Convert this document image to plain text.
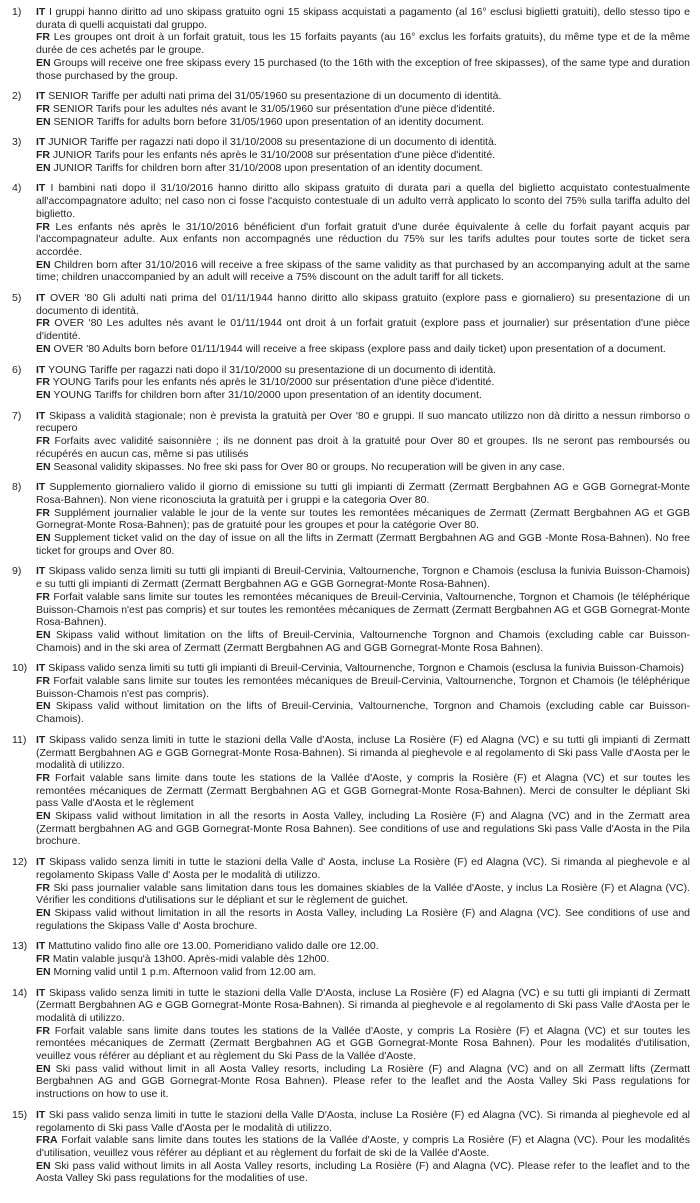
1)	IT I gruppi hanno diritto ad uno skipass gratuito ogni 15 skipass acquistati a pagamento (al 16° esclusi biglietti gratuiti), dello stesso tipo e durata di quelli acquistati dal gruppo.

FR Les groupes ont droit à un forfait gratuit, tous les 15 forfaits payants (au 16° exclus les forfaits gratuits), du même type et de la même durée de ces achetés par le groupe.

EN Groups will receive one free skipass every 15 purchased (to the 16th with the exception of free skipasses), of the same type and duration those purchased by the group.

2)	IT SENIOR Tariffe per adulti nati prima del 31/05/1960 su presentazione di un documento di identità.

FR SENIOR Tarifs pour les adultes nés avant le 31/05/1960 sur présentation d'une pièce d'identité.

EN SENIOR Tariffs for adults born before 31/05/1960 upon presentation of an identity document.

3)	IT JUNIOR Tariffe per ragazzi nati dopo il 31/10/2008 su presentazione di un documento di identità.

FR JUNIOR Tarifs pour les enfants nés après le 31/10/2008 sur présentation d'une pièce d'identité.

EN JUNIOR Tariffs for children born after 31/10/2008 upon presentation of an identity document.

4)	IT I bambini nati dopo il 31/10/2016 hanno diritto allo skipass gratuito di durata pari a quella del biglietto acquistato contestualmente all'accompagnatore adulto; nel caso non ci fosse l'acquisto contestuale di un adulto verrà applicato lo sconto del 75% sulla tariffa adulto del biglietto.

FR Les enfants nés après le 31/10/2016 bénéficient d'un forfait gratuit d'une durée équivalente à celle du forfait payant acquis par l'accompagnateur adulte. Aux enfants non accompagnés une réduction du 75% sur les tarifs adultes pour toutes sorte de ticket sera accordée.

EN Children born after 31/10/2016 will receive a free skipass of the same validity as that purchased by an accompanying adult at the same time; children unaccompanied by an adult will receive a 75% discount on the adult tariff for all tickets.

5)	IT OVER '80 Gli adulti nati prima del 01/11/1944 hanno diritto allo skipass gratuito (explore pass e giornaliero) su presentazione di un documento di identità.

FR OVER '80 Les adultes nés avant le 01/11/1944 ont droit à un forfait gratuit (explore pass et journalier) sur présentation d'une pièce d'identité.

EN OVER '80 Adults born before 01/11/1944 will receive a free skipass (explore pass and daily ticket) upon presentation of a document.

6)	IT YOUNG Tariffe per ragazzi nati dopo il 31/10/2000 su presentazione di un documento di identità.

FR YOUNG Tarifs pour les enfants nés après le 31/10/2000 sur présentation d'une pièce d'identité.

EN YOUNG Tariffs for children born after 31/10/2000 upon presentation of an identity document.

7)	IT Skipass a validità stagionale; non è prevista la gratuità per Over '80 e gruppi. Il suo mancato utilizzo non dà diritto a nessun rimborso o recupero

FR Forfaits avec validité saisonnière ; ils ne donnent pas droit à la gratuité pour Over 80 et groupes. Ils ne seront pas remboursés ou récupérés en aucun cas, même si pas utilisés

EN Seasonal validity skipasses. No free ski pass for Over 80 or groups. No recuperation will be given in any case.

8)	IT Supplemento giornaliero valido il giorno di emissione su tutti gli impianti di Zermatt (Zermatt Bergbahnen AG e GGB Gornegrat-Monte Rosa-Bahnen). Non viene riconosciuta la gratuità per i gruppi e la categoria Over 80.

FR Supplément journalier valable le jour de la vente sur toutes les remontées mécaniques de Zermatt (Zermatt Bergbahnen AG et GGB Gornegrat-Monte Rosa-Bahnen); pas de gratuité pour les groupes et pour la catégorie Over 80.

EN Supplement ticket valid on the day of issue on all the lifts in Zermatt (Zermatt Bergbahnen AG and GGB -Monte Rosa-Bahnen). No free ticket for groups and Over 80.

9)	IT Skipass valido senza limiti su tutti gli impianti di Breuil-Cervinia, Valtournenche, Torgnon e Chamois (esclusa la funivia Buisson-Chamois) e su tutti gli impianti di Zermatt (Zermatt Bergbahnen AG e GGB Gornegrat-Monte Rosa-Bahnen).

FR Forfait valable sans limite sur toutes les remontées mécaniques de Breuil-Cervinia, Valtournenche, Torgnon et Chamois (le téléphérique Buisson-Chamois n'est pas compris) et sur toutes les remontées mécaniques de Zermatt (Zermatt Bergbahnen AG et GGB Gornegrat-Monte Rosa-Bahnen).

EN Skipass valid without limitation on the lifts of Breuil-Cervinia, Valtournenche Torgnon and Chamois (excluding cable car Buisson-Chamois) and in the ski area of Zermatt (Zermatt Bergbahnen AG and GGB Gornegrat-Monte Rosa Bahnen).

10) IT Skipass valido senza limiti su tutti gli impianti di Breuil-Cervinia, Valtournenche, Torgnon e Chamois (esclusa la funivia Buisson-Chamois)

FR Forfait valable sans limite sur toutes les remontées mécaniques de Breuil-Cervinia, Valtournenche, Torgnon et Chamois (le téléphérique Buisson-Chamois n'est pas compris).

EN Skipass valid without limitation on the lifts of Breuil-Cervinia, Valtournenche, Torgnon and Chamois (excluding cable car Buisson- Chamois).

11) IT Skipass valido senza limiti in tutte le stazioni della Valle d'Aosta, incluse La Rosière (F) ed Alagna (VC) e su tutti gli impianti di Zermatt (Zermatt Bergbahnen AG e GGB Gornegrat-Monte Rosa-Bahnen). Si rimanda al pieghevole e al regolamento di Ski pass Valle d'Aosta per le modalità di utilizzo.

FR Forfait valable sans limite dans toute les stations de la Vallée d'Aoste, y compris la Rosière (F) et Alagna (VC) et sur toutes les remontées mécaniques de Zermatt (Zermatt Bergbahnen AG et GGB Gornegrat-Monte Rosa-Bahnen). Merci de consulter le dépliant Ski pass Valle d'Aosta et le règlement

EN Skipass valid without limitation in all the resorts in Aosta Valley, including La Rosière (F) and Alagna (VC) and in the Zermatt area (Zermatt bergbahnen AG and GGB Gornegrat-Monte Rosa Bahnen). See conditions of use and regulations Ski pass Valle d'Aosta in the Pila brochure.

12) IT Skipass valido senza limiti in tutte le stazioni della Valle d' Aosta, incluse La Rosière (F) ed Alagna (VC). Si rimanda al pieghevole e al regolamento Skipass Valle d' Aosta per le modalità di utilizzo.

FR Ski pass journalier valable sans limitation dans tous les domaines skiables de la Vallée d'Aoste, y inclus La Rosière (F) et Alagna (VC). Vérifier les conditions d'utilisations sur le dépliant et sur le règlement de guichet.

EN Skipass valid without limitation in all the resorts in Aosta Valley, including La Rosière (F) and Alagna (VC). See conditions of use and regulations the Skipass Valle d' Aosta brochure.

13) IT Mattutino valido fino alle ore 13.00. Pomeridiano valido dalle ore 12.00.

FR Matin valable jusqu'à 13h00. Après-midi valable dès 12h00.

EN Morning valid until 1 p.m. Afternoon valid from 12.00 am.

14) IT Skipass valido senza limiti in tutte le stazioni della Valle D'Aosta, incluse La Rosière (F) ed Alagna (VC) e su tutti gli impianti di Zermatt (Zermatt Bergbahnen AG e GGB Gornegrat-Monte Rosa-Bahnen). Si rimanda al pieghevole e al regolamento di Ski pass Valle d'Aosta per le modalità di utilizzo.

FR Forfait valable sans limite dans toutes les stations de la Vallée d'Aoste, y compris La Rosière (F) et Alagna (VC) et sur toutes les remontées mécaniques de Zermatt (Zermatt Bergbahnen AG et GGB Gornegrat-Monte Rosa Bahnen). Pour les modalités d'utilisation, veuillez vous référer au dépliant et au règlement du Ski Pass de la Vallée d'Aoste.

EN Ski pass valid without limit in all Aosta Valley resorts, including La Rosière (F) and Alagna (VC) and on all Zermatt lifts (Zermatt Bergbahnen AG and GGB Gornegrat-Monte Rosa Bahnen). Please refer to the leaflet and the Aosta Valley Ski Pass regulations for instructions on how to use it.

15) IT Ski pass valido senza limiti in tutte le stazioni della Valle D'Aosta, incluse La Rosière (F) ed Alagna (VC). Si rimanda al pieghevole ed al regolamento di Ski pass Valle d'Aosta per le modalità di utilizzo.

FRA Forfait valable sans limite dans toutes les stations de la Vallée d'Aoste, y compris La Rosière (F) et Alagna (VC). Pour les modalités d'utilisation, veuillez vous référer au dépliant et au règlement du forfait de ski de la Vallée d'Aoste.

EN Ski pass valid without limits in all Aosta Valley resorts, including La Rosière (F) and Alagna (VC). Please refer to the leaflet and to the Aosta Valley Ski pass regulations for the modalities of use.
